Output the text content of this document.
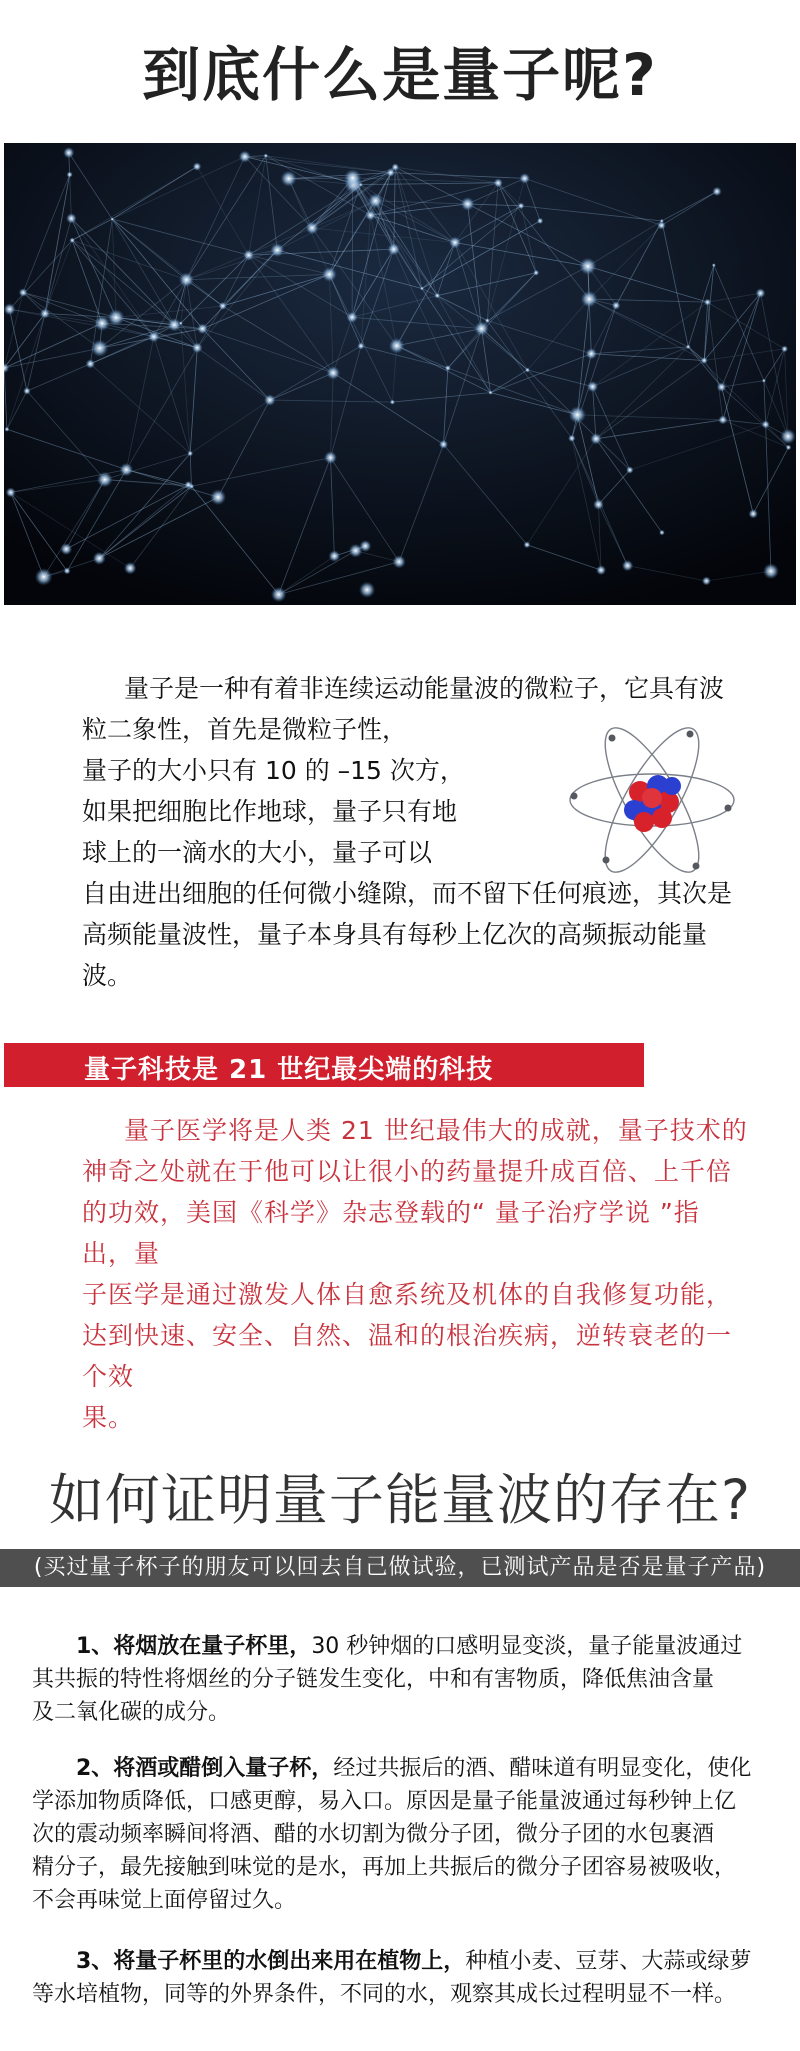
到底什么是量子呢?
量子是一种有着非连续运动能量波的微粒子，它具有波
粒二象性，首先是微粒子性，
量子的大小只有 10 的 –15 次方，
如果把细胞比作地球，量子只有地
球上的一滴水的大小，量子可以
自由进出细胞的任何微小缝隙，而不留下任何痕迹，其次是
高频能量波性，量子本身具有每秒上亿次的高频振动能量
波。
量子科技是 21 世纪最尖端的科技
量子医学将是人类 21 世纪最伟大的成就，量子技术的
神奇之处就在于他可以让很小的药量提升成百倍、上千倍
的功效，美国《科学》杂志登载的“ 量子治疗学说 ”指出，量
子医学是通过激发人体自愈系统及机体的自我修复功能，
达到快速、安全、自然、温和的根治疾病，逆转衰老的一个效
果。
如何证明量子能量波的存在?
(买过量子杯子的朋友可以回去自己做试验，已测试产品是否是量子产品)
1、将烟放在量子杯里，30 秒钟烟的口感明显变淡，量子能量波通过
其共振的特性将烟丝的分子链发生变化，中和有害物质，降低焦油含量
及二氧化碳的成分。
2、将酒或醋倒入量子杯，经过共振后的酒、醋味道有明显变化，使化
学添加物质降低，口感更醇，易入口。原因是量子能量波通过每秒钟上亿
次的震动频率瞬间将酒、醋的水切割为微分子团，微分子团的水包裹酒
精分子，最先接触到味觉的是水，再加上共振后的微分子团容易被吸收，
不会再味觉上面停留过久。
3、将量子杯里的水倒出来用在植物上，种植小麦、豆芽、大蒜或绿萝
等水培植物，同等的外界条件，不同的水，观察其成长过程明显不一样。
